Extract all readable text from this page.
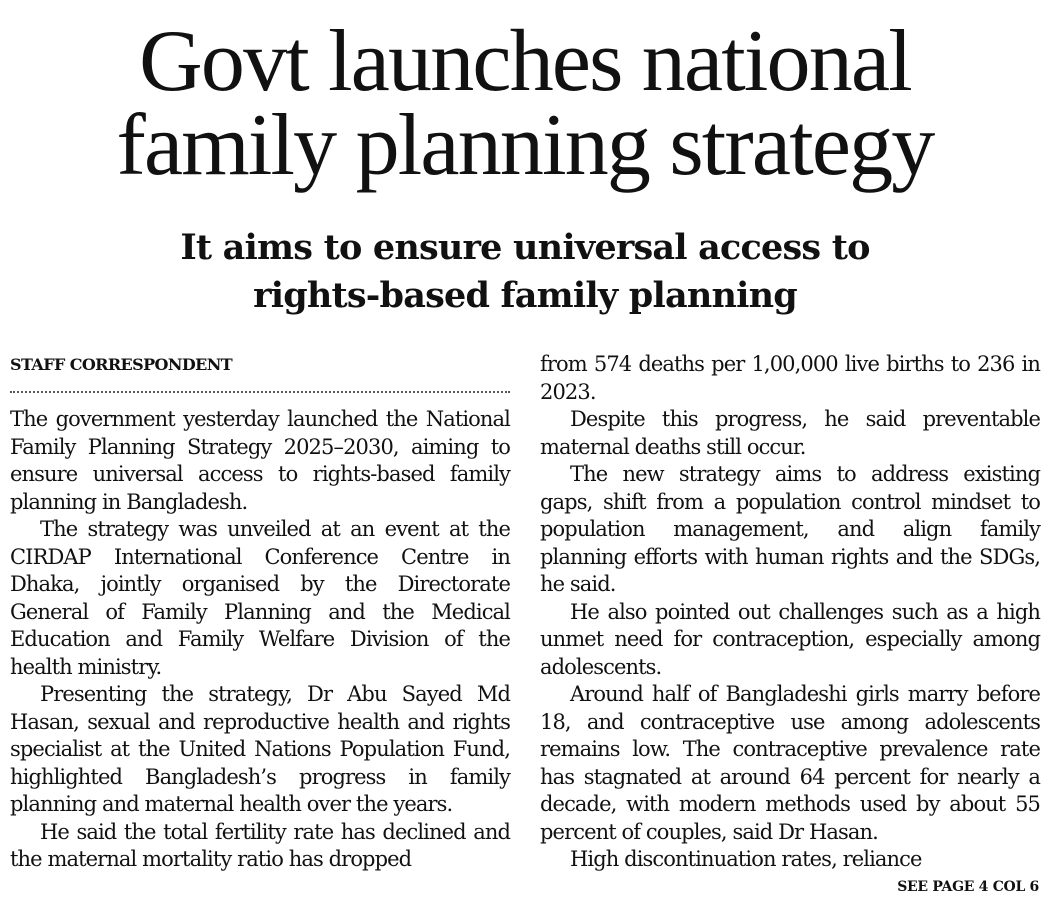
Govt launches national
family planning strategy
It aims to ensure universal access to
rights-based family planning
STAFF CORRESPONDENT

The government yesterday launched the National Family Planning Strategy 2025–2030, aiming to ensure universal access to rights-based family planning in Bangladesh.

The strategy was unveiled at an event at the CIRDAP International Conference Centre in Dhaka, jointly organised by the Directorate General of Family Planning and the Medical Education and Family Welfare Division of the health ministry.

Presenting the strategy, Dr Abu Sayed Md Hasan, sexual and reproductive health and rights specialist at the United Nations Population Fund, highlighted Bangladesh’s progress in family planning and maternal health over the years.

He said the total fertility rate has declined and the maternal mortality ratio has dropped

from 574 deaths per 1,00,000 live births to 236 in 2023.

Despite this progress, he said preventable maternal deaths still occur.

The new strategy aims to address existing gaps, shift from a population control mindset to population management, and align family planning efforts with human rights and the SDGs, he said.

He also pointed out challenges such as a high unmet need for contraception, especially among adolescents.

Around half of Bangladeshi girls marry before 18, and contraceptive use among adolescents remains low. The contraceptive prevalence rate has stagnated at around 64 percent for nearly a decade, with modern methods used by about 55 percent of couples, said Dr Hasan.

High discontinuation rates, reliance

SEE PAGE 4 COL 6
